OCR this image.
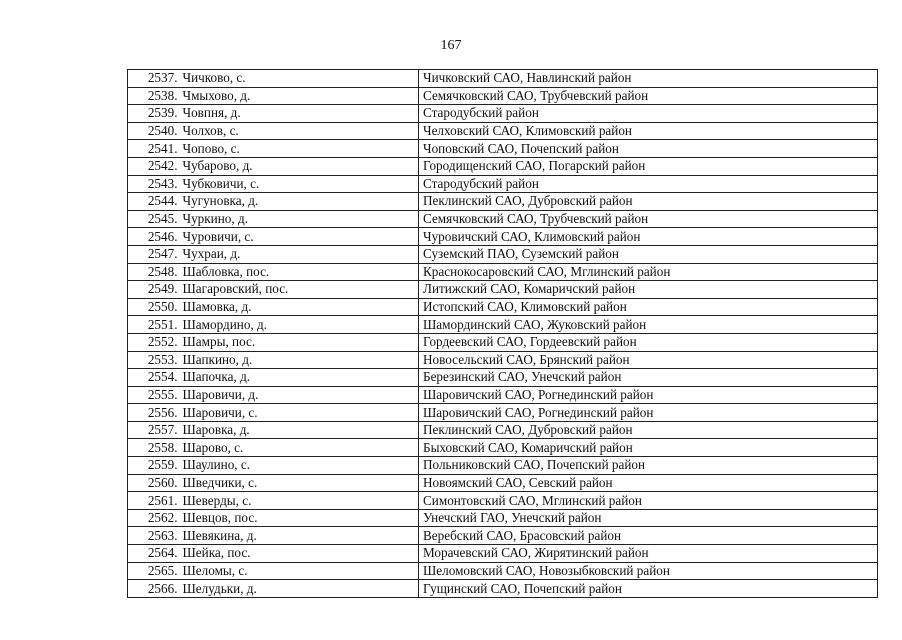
167
2537.	Чичково, с.	Чичковский САО, Навлинский район
2538.	Чмыхово, д.	Семячковский САО, Трубчевский район
2539.	Човпня, д.	Стародубский район
2540.	Чолхов, с.	Челховский САО, Климовский район
2541.	Чопово, с.	Чоповский САО, Почепский район
2542.	Чубарово, д.	Городищенский САО, Погарский район
2543.	Чубковичи, с.	Стародубский район
2544.	Чугуновка, д.	Пеклинский САО, Дубровский район
2545.	Чуркино, д.	Семячковский САО, Трубчевский район
2546.	Чуровичи, с.	Чуровичский САО, Климовский район
2547.	Чухраи, д.	Суземский ПАО, Суземский район
2548.	Шабловка, пос.	Краснокосаровский САО, Мглинский район
2549.	Шагаровский, пос.	Литижский САО, Комаричский район
2550.	Шамовка, д.	Истопский САО, Климовский район
2551.	Шамордино, д.	Шамординский САО, Жуковский район
2552.	Шамры, пос.	Гордеевский САО, Гордеевский район
2553.	Шапкино, д.	Новосельский САО, Брянский район
2554.	Шапочка, д.	Березинский САО, Унечский район
2555.	Шаровичи, д.	Шаровичский САО, Рогнединский район
2556.	Шаровичи, с.	Шаровичский САО, Рогнединский район
2557.	Шаровка, д.	Пеклинский САО, Дубровский район
2558.	Шарово, с.	Быховский САО, Комаричский район
2559.	Шаулино, с.	Польниковский САО, Почепский район
2560.	Шведчики, с.	Новоямский САО, Севский район
2561.	Шеверды, с.	Симонтовский САО, Мглинский район
2562.	Шевцов, пос.	Унечский ГАО, Унечский район
2563.	Шевякина, д.	Веребский САО, Брасовский район
2564.	Шейка, пос.	Морачевский САО, Жирятинский район
2565.	Шеломы, с.	Шеломовский САО, Новозыбковский район
2566.	Шелудьки, д.	Гущинский САО, Почепский район
